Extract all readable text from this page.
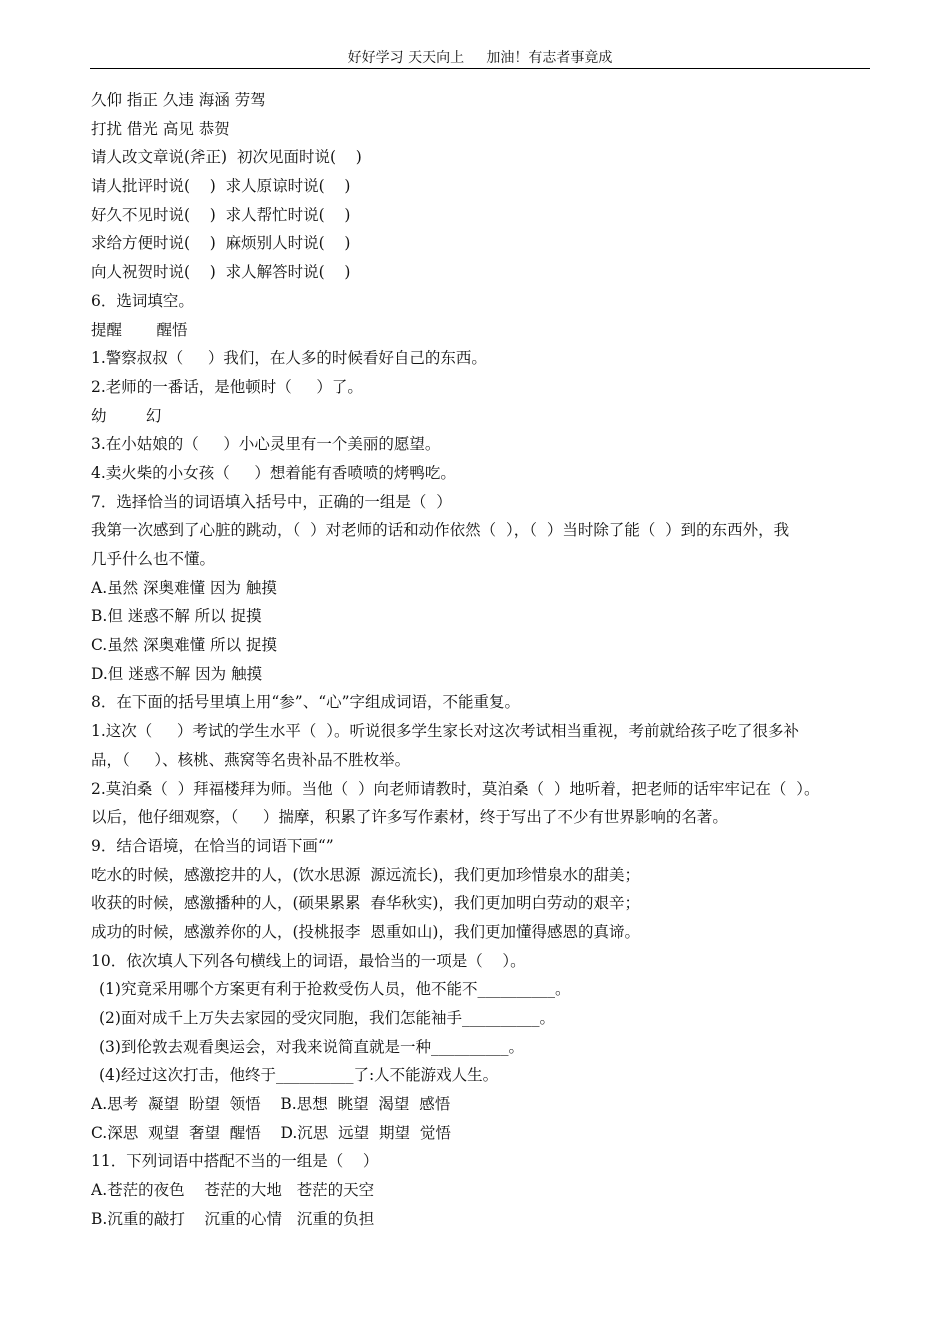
好好学习 天天向上     加油！有志者事竟成
久仰 指正 久违 海涵 劳驾
打扰 借光 高见 恭贺
请人改文章说(斧正)  初次见面时说(    )
请人批评时说(    )  求人原谅时说(    )
好久不见时说(    )  求人帮忙时说(    )
求给方便时说(    )  麻烦别人时说(    )
向人祝贺时说(    )  求人解答时说(    )
6．选词填空。
提醒       醒悟
1.警察叔叔（     ）我们，在人多的时候看好自己的东西。
2.老师的一番话，是他顿时（     ）了。
幼        幻
3.在小姑娘的（     ）小心灵里有一个美丽的愿望。
4.卖火柴的小女孩（     ）想着能有香喷喷的烤鸭吃。
7．选择恰当的词语填入括号中，正确的一组是（  ）
我第一次感到了心脏的跳动，（  ）对老师的话和动作依然（  ），（  ）当时除了能（  ）到的东西外，我
几乎什么也不懂。
A.虽然 深奥难懂 因为 触摸
B.但 迷惑不解 所以 捉摸
C.虽然 深奥难懂 所以 捉摸
D.但 迷惑不解 因为 触摸
8．在下面的括号里填上用“参”、“心”字组成词语，不能重复。
1.这次（     ）考试的学生水平（  ）。听说很多学生家长对这次考试相当重视，考前就给孩子吃了很多补
品，（     ）、核桃、燕窝等名贵补品不胜枚举。
2.莫泊桑（  ）拜福楼拜为师。当他（  ）向老师请教时，莫泊桑（  ）地听着，把老师的话牢牢记在（  ）。
以后，他仔细观察，（     ）揣摩，积累了许多写作素材，终于写出了不少有世界影响的名著。
9．结合语境，在恰当的词语下画“”
吃水的时候，感激挖井的人，(饮水思源  源远流长)，我们更加珍惜泉水的甜美；
收获的时候，感激播种的人，(硕果累累  春华秋实)，我们更加明白劳动的艰辛；
成功的时候，感激养你的人，(投桃报李  恩重如山)，我们更加懂得感恩的真谛。
10．依次填人下列各句横线上的词语，最恰当的一项是（    ）。
(1)究竟采用哪个方案更有利于抢救受伤人员，他不能不__________。
(2)面对成千上万失去家园的受灾同胞，我们怎能袖手__________。
(3)到伦敦去观看奥运会，对我来说简直就是一种__________。
(4)经过这次打击，他终于__________了:人不能游戏人生。
A.思考  凝望  盼望  领悟    B.思想  眺望  渴望  感悟
C.深思  观望  奢望  醒悟    D.沉思  远望  期望  觉悟
11．下列词语中搭配不当的一组是（    ）
A.苍茫的夜色    苍茫的大地   苍茫的天空
B.沉重的敲打    沉重的心情   沉重的负担
